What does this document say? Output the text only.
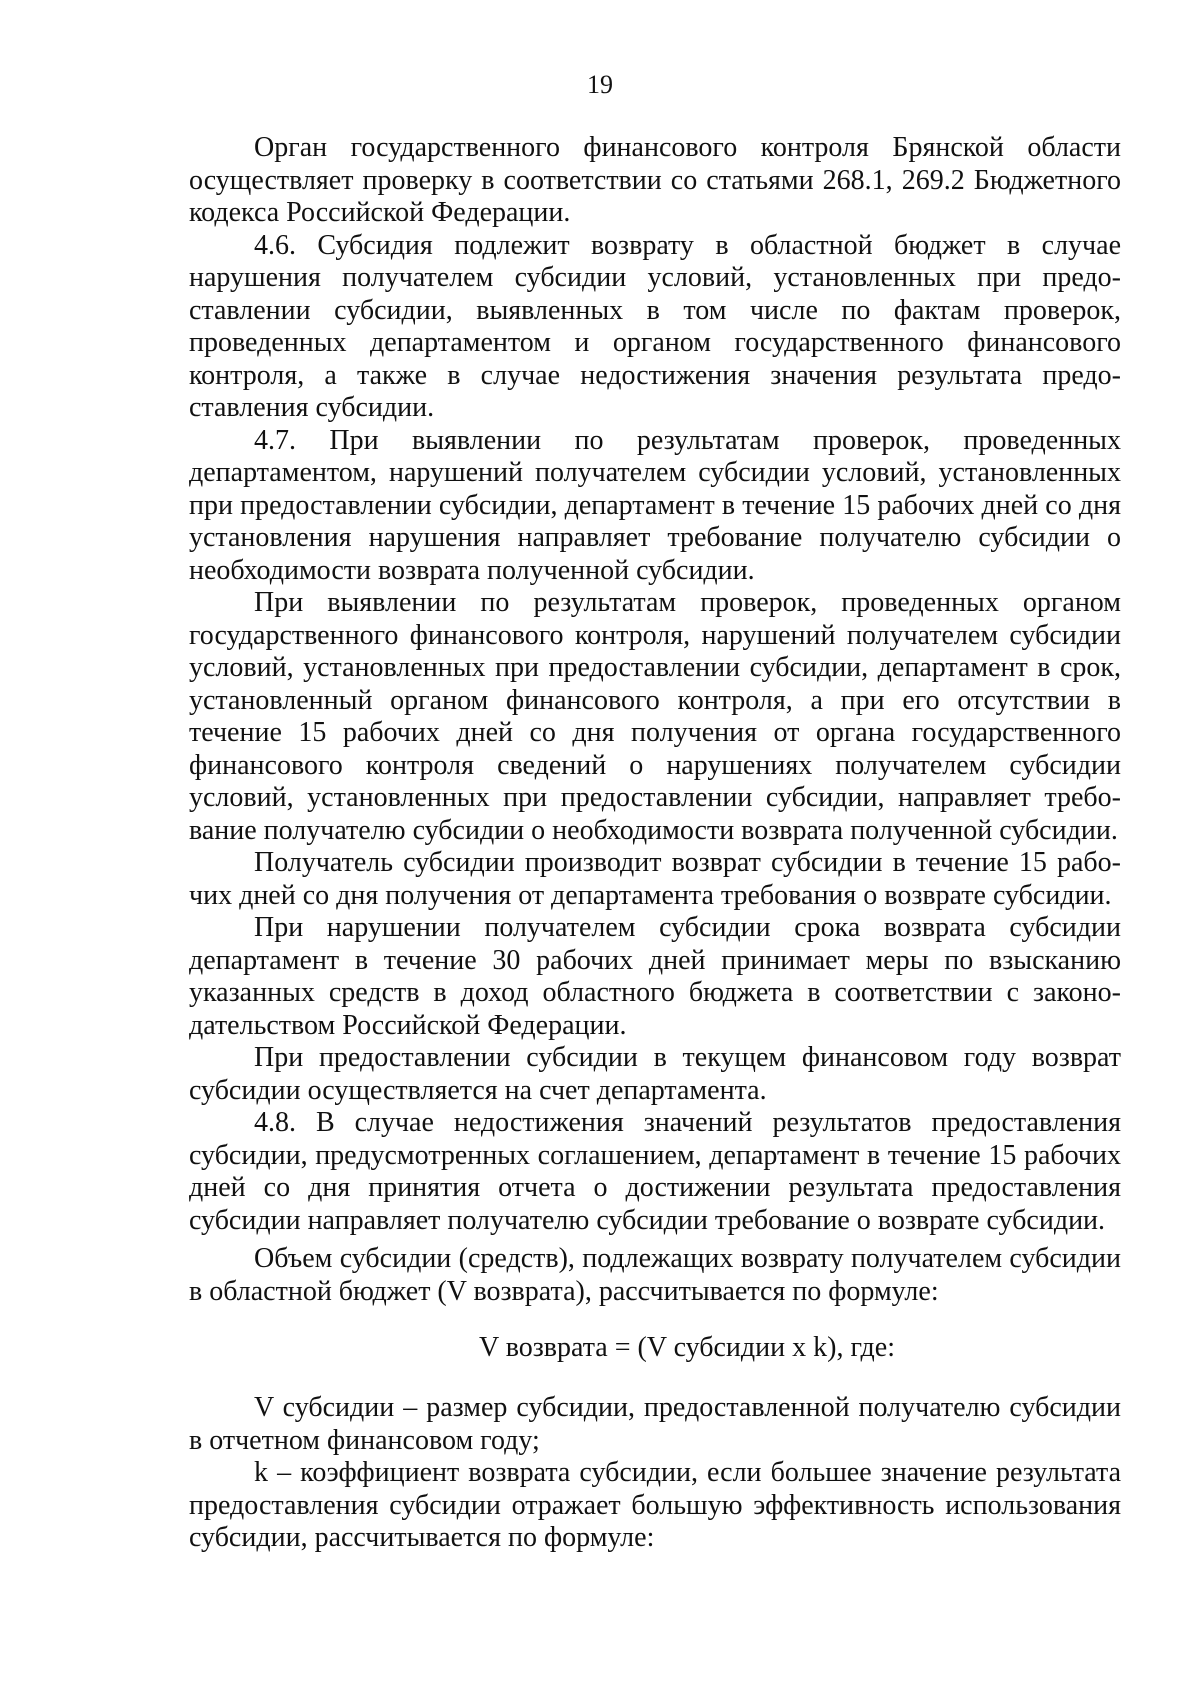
19

Орган государственного финансового контроля Брянской области осуществляет проверку в соответствии со статьями 268.1, 269.2 Бюджетного кодекса Российской Федерации.

4.6. Субсидия подлежит возврату в областной бюджет в случае нарушения получателем субсидии условий, установленных при предоставлении субсидии, выявленных в том числе по фактам проверок, проведенных департаментом и органом государственного финансового контроля, а также в случае недостижения значения результата предоставления субсидии.

4.7. При выявлении по результатам проверок, проведенных департаментом, нарушений получателем субсидии условий, установленных при предоставлении субсидии, департамент в течение 15 рабочих дней со дня установления нарушения направляет требование получателю субсидии о необходимости возврата полученной субсидии.

При выявлении по результатам проверок, проведенных органом государственного финансового контроля, нарушений получателем субсидии условий, установленных при предоставлении субсидии, департамент в срок, установленный органом финансового контроля, а при его отсутствии в течение 15 рабочих дней со дня получения от органа государственного финансового контроля сведений о нарушениях получателем субсидии условий, установленных при предоставлении субсидии, направляет требование получателю субсидии о необходимости возврата полученной субсидии.

Получатель субсидии производит возврат субсидии в течение 15 рабочих дней со дня получения от департамента требования о возврате субсидии.

При нарушении получателем субсидии срока возврата субсидии департамент в течение 30 рабочих дней принимает меры по взысканию указанных средств в доход областного бюджета в соответствии с законодательством Российской Федерации.

При предоставлении субсидии в текущем финансовом году возврат субсидии осуществляется на счет департамента.

4.8. В случае недостижения значений результатов предоставления субсидии, предусмотренных соглашением, департамент в течение 15 рабочих дней со дня принятия отчета о достижении результата предоставления субсидии направляет получателю субсидии требование о возврате субсидии.

Объем субсидии (средств), подлежащих возврату получателем субсидии в областной бюджет (V возврата), рассчитывается по формуле:

V возврата = (V субсидии x k), где:

V субсидии – размер субсидии, предоставленной получателю субсидии в отчетном финансовом году;

k – коэффициент возврата субсидии, если большее значение результата предоставления субсидии отражает большую эффективность использования субсидии, рассчитывается по формуле:
